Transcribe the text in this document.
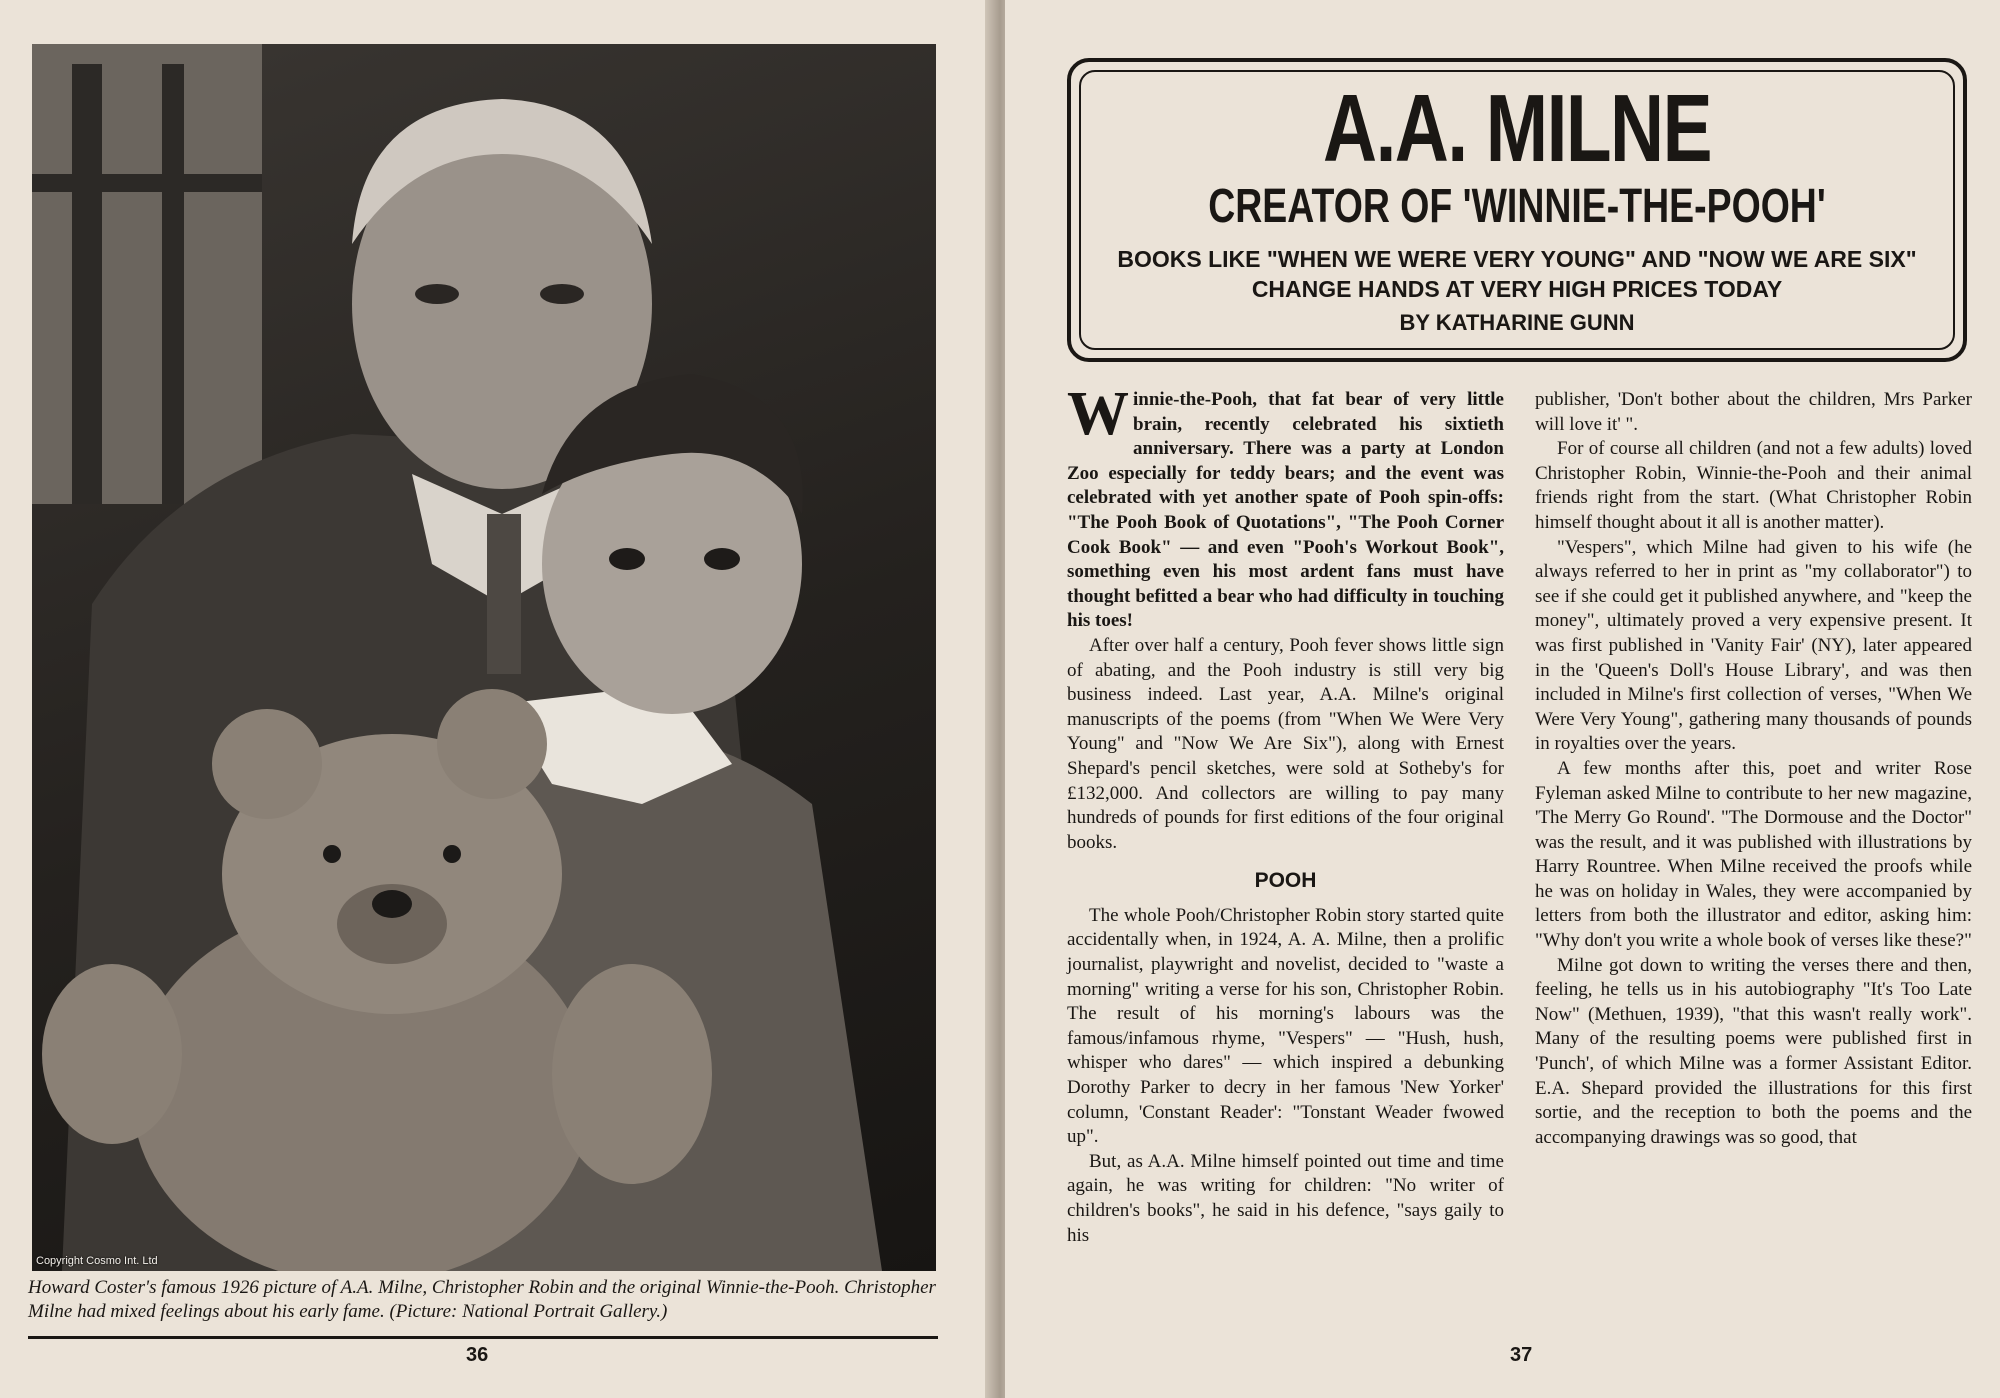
Copyright Cosmo Int. Ltd
Howard Coster's famous 1926 picture of A.A. Milne, Christopher Robin and the original Winnie-the-Pooh. Christopher Milne had mixed feelings about his early fame. (Picture: National Portrait Gallery.)
36
A.A. MILNE
CREATOR OF 'WINNIE-THE-POOH'
BOOKS LIKE "WHEN WE WERE VERY YOUNG" AND "NOW WE ARE SIX" CHANGE HANDS AT VERY HIGH PRICES TODAY
BY KATHARINE GUNN

Winnie-the-Pooh, that fat bear of very little brain, recently celebrated his sixtieth anniversary. There was a party at London Zoo especially for teddy bears; and the event was celebrated with yet another spate of Pooh spin-offs: "The Pooh Book of Quotations", "The Pooh Corner Cook Book" — and even "Pooh's Workout Book", something even his most ardent fans must have thought befitted a bear who had difficulty in touching his toes!

After over half a century, Pooh fever shows little sign of abating, and the Pooh industry is still very big business indeed. Last year, A.A. Milne's original manuscripts of the poems (from "When We Were Very Young" and "Now We Are Six"), along with Ernest Shepard's pencil sketches, were sold at Sotheby's for £132,000. And collectors are willing to pay many hundreds of pounds for first editions of the four original books.

POOH

The whole Pooh/Christopher Robin story started quite accidentally when, in 1924, A. A. Milne, then a prolific journalist, playwright and novelist, decided to "waste a morning" writing a verse for his son, Christopher Robin. The result of his morning's labours was the famous/infamous rhyme, "Vespers" — "Hush, hush, whisper who dares" — which inspired a debunking Dorothy Parker to decry in her famous 'New Yorker' column, 'Constant Reader': "Tonstant Weader fwowed up".

But, as A.A. Milne himself pointed out time and time again, he was writing for children: "No writer of children's books", he said in his defence, "says gaily to his

publisher, 'Don't bother about the children, Mrs Parker will love it' ".

For of course all children (and not a few adults) loved Christopher Robin, Winnie-the-Pooh and their animal friends right from the start. (What Christopher Robin himself thought about it all is another matter).

"Vespers", which Milne had given to his wife (he always referred to her in print as "my collaborator") to see if she could get it published anywhere, and "keep the money", ultimately proved a very expensive present. It was first published in 'Vanity Fair' (NY), later appeared in the 'Queen's Doll's House Library', and was then included in Milne's first collection of verses, "When We Were Very Young", gathering many thousands of pounds in royalties over the years.

A few months after this, poet and writer Rose Fyleman asked Milne to contribute to her new magazine, 'The Merry Go Round'. "The Dormouse and the Doctor" was the result, and it was published with illustrations by Harry Rountree. When Milne received the proofs while he was on holiday in Wales, they were accompanied by letters from both the illustrator and editor, asking him: "Why don't you write a whole book of verses like these?"

Milne got down to writing the verses there and then, feeling, he tells us in his autobiography "It's Too Late Now" (Methuen, 1939), "that this wasn't really work". Many of the resulting poems were published first in 'Punch', of which Milne was a former Assistant Editor. E.A. Shepard provided the illustrations for this first sortie, and the reception to both the poems and the accompanying drawings was so good, that

37
